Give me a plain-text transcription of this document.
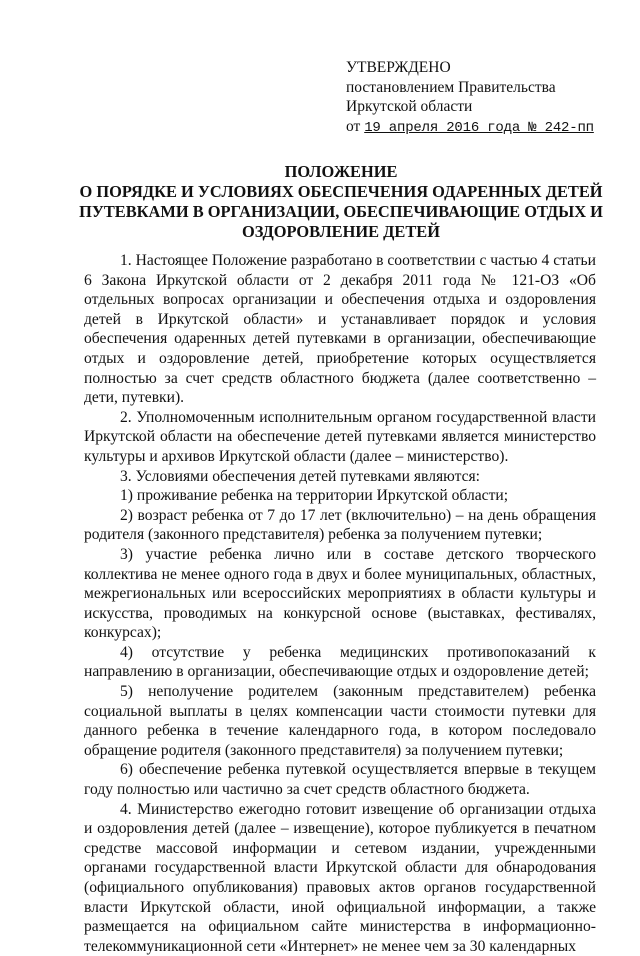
УТВЕРЖДЕНО
постановлением Правительства
Иркутской области
от 19 апреля 2016 года № 242-пп
ПОЛОЖЕНИЕ
О ПОРЯДКЕ И УСЛОВИЯХ ОБЕСПЕЧЕНИЯ ОДАРЕННЫХ ДЕТЕЙ
ПУТЕВКАМИ В ОРГАНИЗАЦИИ, ОБЕСПЕЧИВАЮЩИЕ ОТДЫХ И
ОЗДОРОВЛЕНИЕ ДЕТЕЙ

1. Настоящее Положение разработано в соответствии с частью 4 статьи 6 Закона Иркутской области от 2 декабря 2011 года № 121-ОЗ «Об отдельных вопросах организации и обеспечения отдыха и оздоровления детей в Иркутской области» и устанавливает порядок и условия обеспечения одаренных детей путевками в организации, обеспечивающие отдых и оздоровление детей, приобретение которых осуществляется полностью за счет средств областного бюджета (далее соответственно – дети, путевки).

2. Уполномоченным исполнительным органом государственной власти Иркутской области на обеспечение детей путевками является министерство культуры и архивов Иркутской области (далее – министерство).

3. Условиями обеспечения детей путевками являются:

1) проживание ребенка на территории Иркутской области;

2) возраст ребенка от 7 до 17 лет (включительно) – на день обращения родителя (законного представителя) ребенка за получением путевки;

3) участие ребенка лично или в составе детского творческого коллектива не менее одного года в двух и более муниципальных, областных, межрегиональных или всероссийских мероприятиях в области культуры и искусства, проводимых на конкурсной основе (выставках, фестивалях, конкурсах);

4) отсутствие у ребенка медицинских противопоказаний к направлению в организации, обеспечивающие отдых и оздоровление детей;

5) неполучение родителем (законным представителем) ребенка социальной выплаты в целях компенсации части стоимости путевки для данного ребенка в течение календарного года, в котором последовало обращение родителя (законного представителя) за получением путевки;

6) обеспечение ребенка путевкой осуществляется впервые в текущем году полностью или частично за счет средств областного бюджета.

4. Министерство ежегодно готовит извещение об организации отдыха и оздоровления детей (далее – извещение), которое публикуется в печатном средстве массовой информации и сетевом издании, учрежденными органами государственной власти Иркутской области для обнародования (официального опубликования) правовых актов органов государственной власти Иркутской области, иной официальной информации, а также размещается на официальном сайте министерства в информационно-телекоммуникационной сети «Интернет» не менее чем за 30 календарных
